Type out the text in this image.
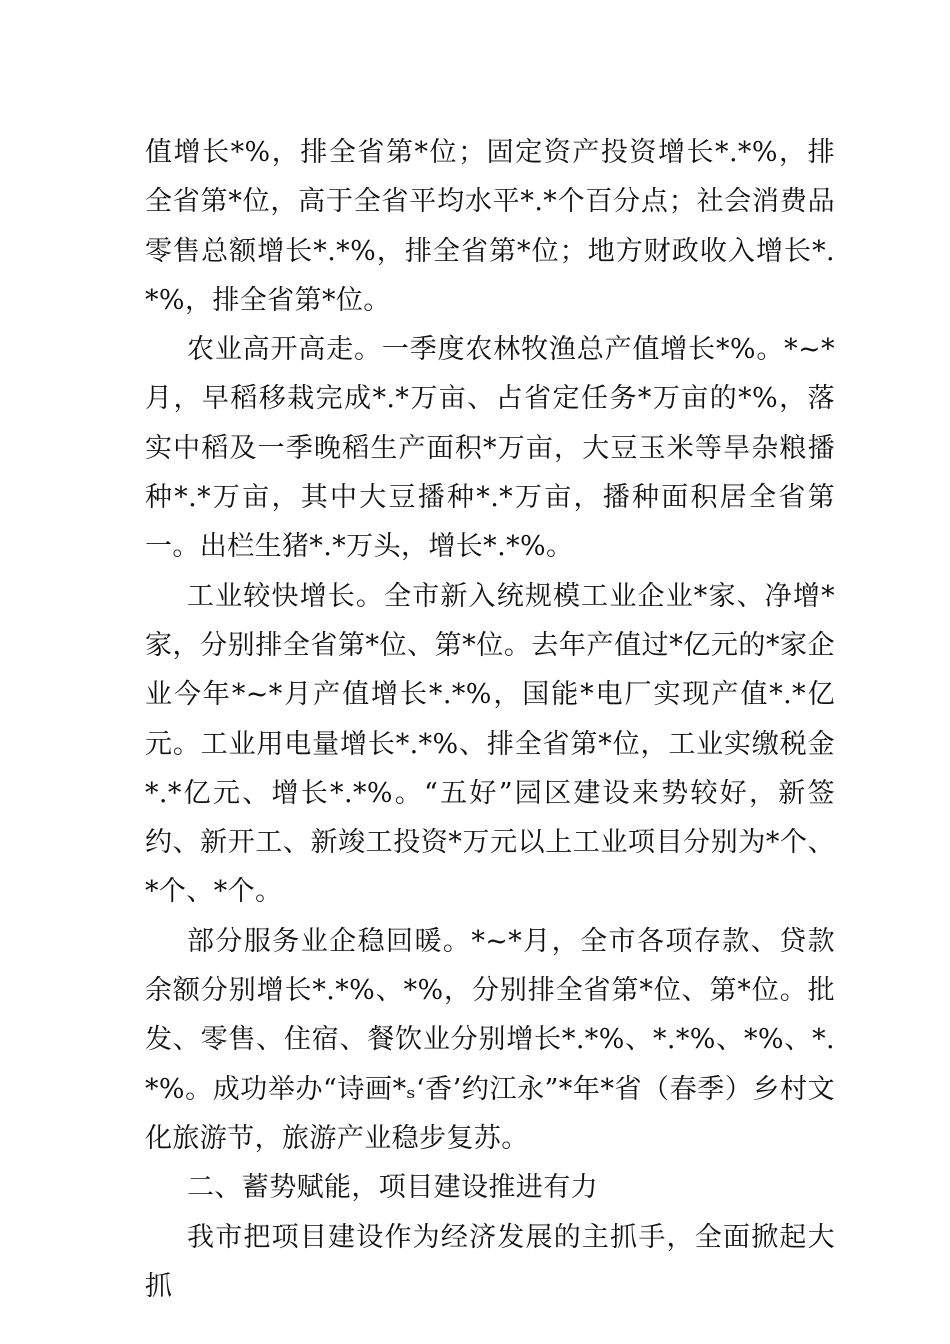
值增长*%，排全省第*位；固定资产投资增长*.*%，排全省第*位，高于全省平均水平*.*个百分点；社会消费品零售总额增长*.*%，排全省第*位；地方财政收入增长*.*%，排全省第*位。

农业高开高走。一季度农林牧渔总产值增长*%。*~*月，早稻移栽完成*.*万亩、占省定任务*万亩的*%，落实中稻及一季晚稻生产面积*万亩，大豆玉米等旱杂粮播种*.*万亩，其中大豆播种*.*万亩，播种面积居全省第一。出栏生猪*.*万头，增长*.*%。

工业较快增长。全市新入统规模工业企业*家、净增*家，分别排全省第*位、第*位。去年产值过*亿元的*家企业今年*~*月产值增长*.*%，国能*电厂实现产值*.*亿元。工业用电量增长*.*%、排全省第*位，工业实缴税金*.*亿元、增长*.*%。“五好”园区建设来势较好，新签约、新开工、新竣工投资*万元以上工业项目分别为*个、*个、*个。

部分服务业企稳回暖。*~*月，全市各项存款、贷款余额分别增长*.*%、*%，分别排全省第*位、第*位。批发、零售、住宿、餐饮业分别增长*.*%、*.*%、*%、*.*%。成功举办“诗画*ₛ‘香’约江永”*年*省（春季）乡村文化旅游节，旅游产业稳步复苏。

二、蓄势赋能，项目建设推进有力

我市把项目建设作为经济发展的主抓手，全面掀起大抓
